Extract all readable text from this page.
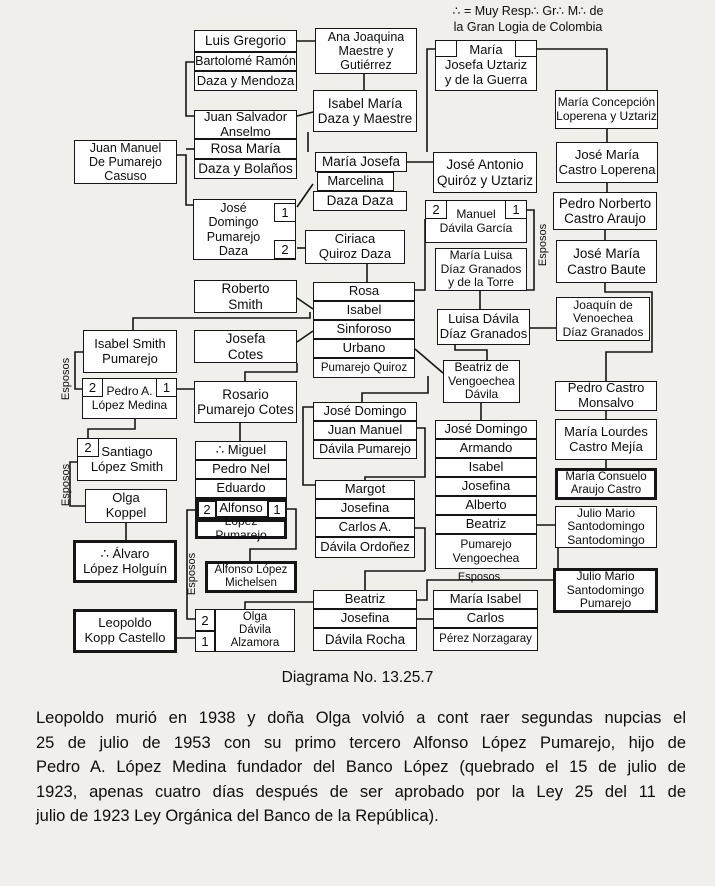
∴ = Muy Resp∴ Gr∴ M∴ de
la Gran Logia de Colombia
Luis Gregorio
Bartolomé Ramón
Daza y Mendoza
Ana Joaquina
Maestre y
Gutiérrez
María
Josefa Uztariz
y de la Guerra
Isabel María
Daza y Maestre
María Concepción
Loperena y Uztariz
Juan Salvador
Anselmo
Rosa María
Daza y Bolaños
Juan Manuel
De Pumarejo
Casuso
José María
Castro Loperena
María Josefa
Marcelina
Daza Daza
José Antonio
Quiróz y Uztariz
José
Domingo
Pumarejo
Daza
Pedro Norberto
Castro Araujo
Manuel
Dávila García
Ciriaca
Quiroz Daza	José María
Castro Baute
María Luisa
Díaz Granados
y de la Torre
Roberto
Smith
Rosa
Isabel
Sinforoso
Urbano
Pumarejo Quiroz
Joaquín de
Venoechea
Díaz Granados
Isabel Smith
Pumarejo
Josefa
Cotes
Luisa Dávila
Díaz Granados
Beatriz de
Vengoechea
Dávila	Pedro Castro
Monsalvo
Rosario
Pumarejo Cotes
Pedro A.
López Medina
María Lourdes
Castro Mejía
José Domingo
Juan Manuel
Dávila Pumarejo
María Consuelo
Araujo Castro
Santiago
López Smith
∴ Miguel
Pedro Nel
Eduardo
Alfonso
López Pumarejo
José Domingo
Armando
Isabel
Josefina
Alberto
Beatriz
Pumarejo
Vengoechea
Olga
Koppel
Margot
Josefina
Carlos A.
Dávila Ordoñez
Julio Mario
Santodomingo
Santodomingo
∴ Álvaro
López Holguín	Alfonso López
Michelsen	Julio Mario
Santodomingo
Pumarejo
Leopoldo
Kopp Castello
Olga
Dávila
Alzamora
Beatriz
Josefina
Dávila Rocha
María Isabel
Carlos
Pérez Norzagaray
1
2
2	1
2	1
2
2	1
2
1
Esposos
Esposos
Esposos
Esposos
Esposos
Diagrama No. 13.25.7
Leopoldo murió en 1938 y doña Olga volvió a cont raer segundas nupcias el
25 de julio de 1953 con su primo tercero Alfonso López Pumarejo, hijo de
Pedro A. López Medina fundador del Banco López (quebrado el 15 de julio de
1923, apenas cuatro días después de ser aprobado por la Ley 25 del 11 de
julio de 1923 Ley Orgánica del Banco de la República).
